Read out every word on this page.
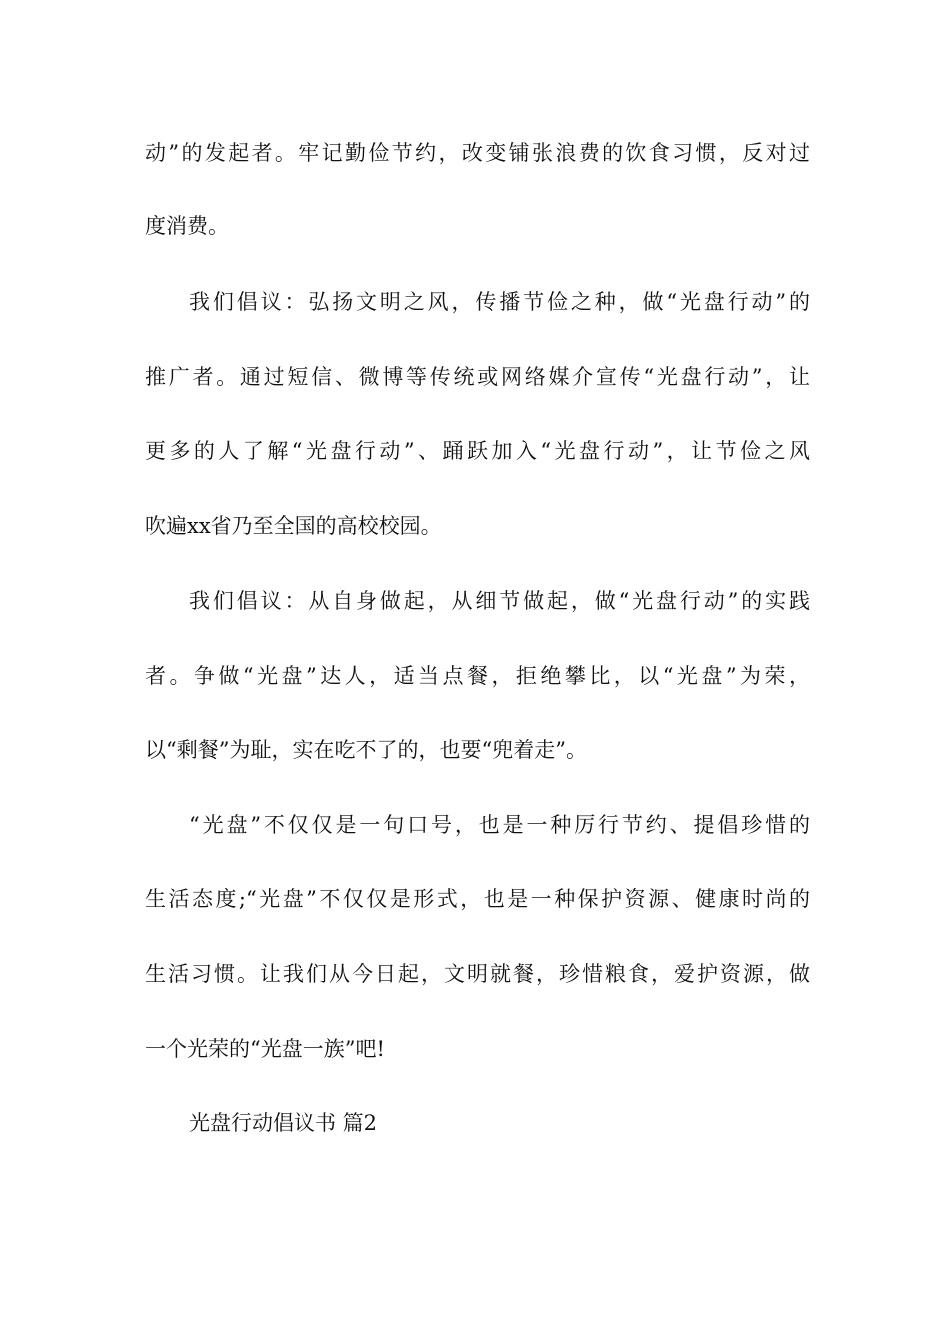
动”的发起者。牢记勤俭节约，改变铺张浪费的饮食习惯，反对过
度消费。
我们倡议：弘扬文明之风，传播节俭之种，做“光盘行动”的
推广者。通过短信、微博等传统或网络媒介宣传“光盘行动”，让
更多的人了解“光盘行动”、踊跃加入“光盘行动”，让节俭之风
吹遍xx省乃至全国的高校校园。
我们倡议：从自身做起，从细节做起，做“光盘行动”的实践
者。争做“光盘”达人，适当点餐，拒绝攀比，以“光盘”为荣，
以“剩餐”为耻，实在吃不了的，也要“兜着走”。
“光盘”不仅仅是一句口号，也是一种厉行节约、提倡珍惜的
生活态度;“光盘”不仅仅是形式，也是一种保护资源、健康时尚的
生活习惯。让我们从今日起，文明就餐，珍惜粮食，爱护资源，做
一个光荣的“光盘一族”吧!
光盘行动倡议书 篇2
